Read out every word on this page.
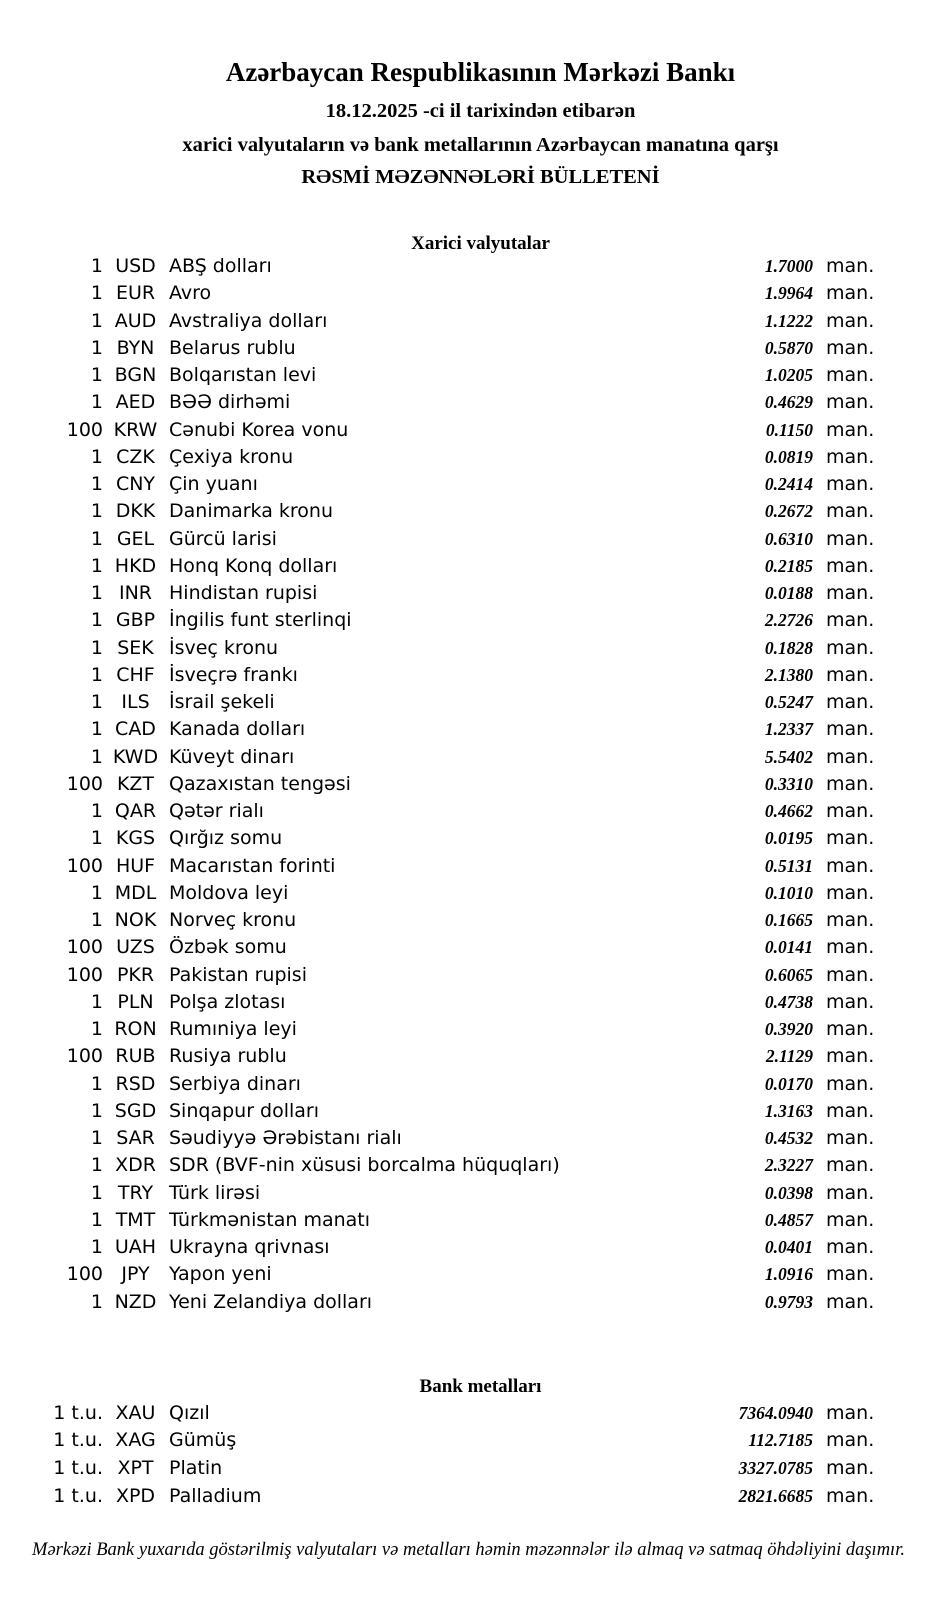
Azərbaycan Respublikasının Mərkəzi Bankı
18.12.2025 -ci il tarixindən etibarən
xarici valyutaların və bank metallarının Azərbaycan manatına qarşı
RƏSMİ MƏZƏNNƏLƏRİ BÜLLETENİ
Xarici valyutalar
1 USD ABŞ dolları	1.7000 man.
1 EUR Avro	1.9964 man.
1 AUD Avstraliya dolları	1.1222 man.
1 BYN Belarus rublu	0.5870 man.
1 BGN Bolqarıstan levi	1.0205 man.
1 AED BƏƏ dirhəmi	0.4629 man.
100 KRW Cənubi Korea vonu	0.1150 man.
1 CZK Çexiya kronu	0.0819 man.
1 CNY Çin yuanı	0.2414 man.
1 DKK Danimarka kronu	0.2672 man.
1 GEL Gürcü larisi	0.6310 man.
1 HKD Honq Konq dolları	0.2185 man.
1 INR Hindistan rupisi	0.0188 man.
1 GBP İngilis funt sterlinqi	2.2726 man.
1 SEK İsveç kronu	0.1828 man.
1 CHF İsveçrə frankı	2.1380 man.
1 ILS	İsrail şekeli	0.5247 man.
1 CAD Kanada dolları	1.2337 man.
1 KWD Küveyt dinarı	5.5402 man.
100 KZT Qazaxıstan tengəsi	0.3310 man.
1 QAR Qətər rialı	0.4662 man.
1 KGS Qırğız somu	0.0195 man.
100 HUF Macarıstan forinti	0.5131 man.
1 MDL Moldova leyi	0.1010 man.
1 NOK Norveç kronu	0.1665 man.
100 UZS Özbək somu	0.0141 man.
100 PKR Pakistan rupisi	0.6065 man.
1 PLN Polşa zlotası	0.4738 man.
1 RON Rumıniya leyi	0.3920 man.
100 RUB Rusiya rublu	2.1129 man.
1 RSD Serbiya dinarı	0.0170 man.
1 SGD Sinqapur dolları	1.3163 man.
1 SAR Səudiyyə Ərəbistanı rialı	0.4532 man.
1 XDR SDR (BVF-nin xüsusi borcalma hüquqları)	2.3227 man.
1 TRY Türk lirəsi	0.0398 man.
1 TMT Türkmənistan manatı	0.4857 man.
1 UAH Ukrayna qrivnası	0.0401 man.
100 JPY	Yapon yeni	1.0916 man.
1 NZD Yeni Zelandiya dolları	0.9793 man.
Bank metalları
1 t.u. XAU Qızıl	7364.0940 man.
1 t.u. XAG Gümüş	112.7185 man.
1 t.u. XPT Platin	3327.0785 man.
1 t.u. XPD Palladium	2821.6685 man.
Mərkəzi Bank yuxarıda göstərilmiş valyutaları və metalları həmin məzənnələr ilə almaq və satmaq öhdəliyini daşımır.
